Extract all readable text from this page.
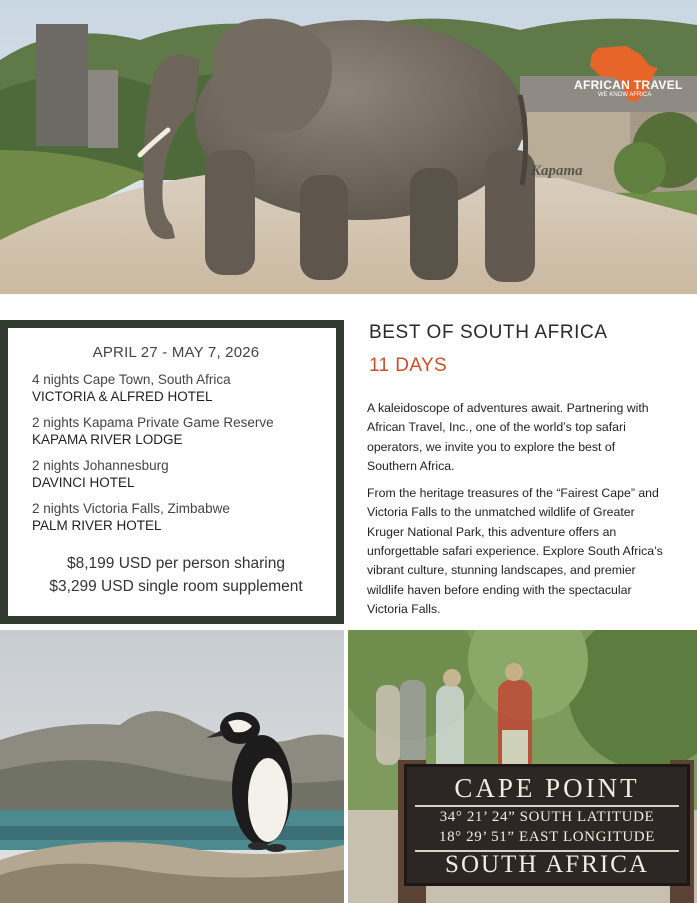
Kapama
AFRICAN TRAVEL
WE KNOW AFRICA
APRIL 27 - MAY 7, 2026
4 nights Cape Town, South Africa
VICTORIA & ALFRED HOTEL
2 nights Kapama Private Game Reserve
KAPAMA RIVER LODGE
2 nights Johannesburg
DAVINCI HOTEL
2 nights Victoria Falls, Zimbabwe
PALM RIVER HOTEL
$8,199 USD per person sharing
$3,299 USD single room supplement
BEST OF SOUTH AFRICA
11 DAYS

A kaleidoscope of adventures await. Partnering with African Travel, Inc., one of the world’s top safari operators, we invite you to explore the best of Southern Africa.

From the heritage treasures of the “Fairest Cape” and Victoria Falls to the unmatched wildlife of Greater Kruger National Park, this adventure offers an unforgettable safari experience. Explore South Africa’s vibrant culture, stunning landscapes, and premier wildlife haven before ending with the spectacular Victoria Falls.

CAPE POINT
34° 21’ 24” SOUTH LATITUDE
18° 29’ 51” EAST LONGITUDE
SOUTH AFRICA
